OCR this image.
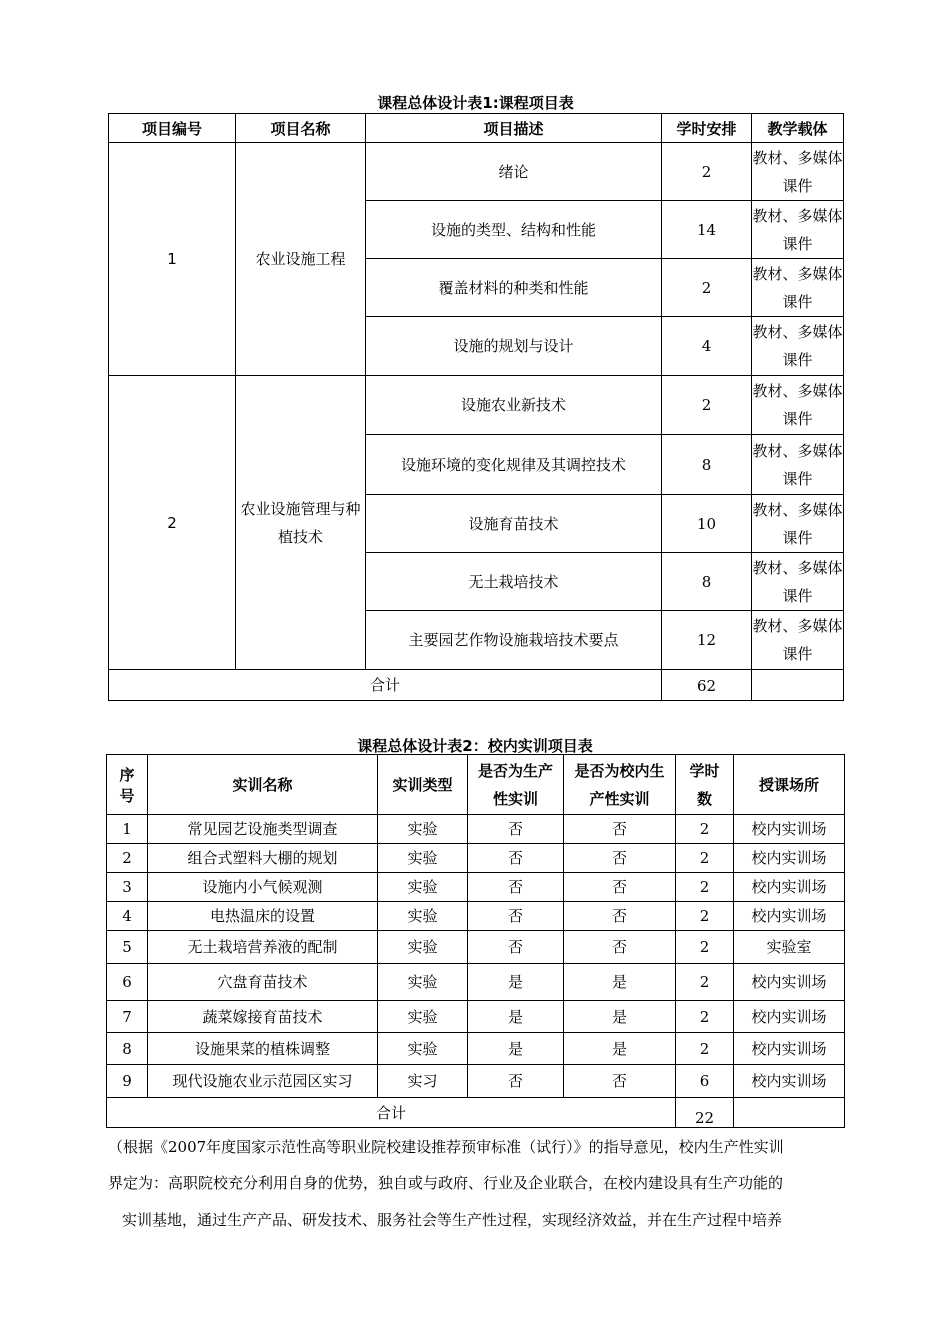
课程总体设计表1:课程项目表
项目编号	项目名称	项目描述	学时安排	教学载体
1	农业设施工程	绪论	2	教材、多媒体课件
		设施的类型、结构和性能	14	教材、多媒体课件
		覆盖材料的种类和性能	2	教材、多媒体课件
		设施的规划与设计	4	教材、多媒体课件
2	农业设施管理与种植技术	设施农业新技术	2	教材、多媒体课件
		设施环境的变化规律及其调控技术	8	教材、多媒体课件
		设施育苗技术	10	教材、多媒体课件
		无土栽培技术	8	教材、多媒体课件
		主要园艺作物设施栽培技术要点	12	教材、多媒体课件
合计			62	
课程总体设计表2：校内实训项目表
序号	实训名称	实训类型	是否为生产性实训	是否为校内生产性实训	学时数	授课场所
1	常见园艺设施类型调查	实验	否	否	2	校内实训场
2	组合式塑料大棚的规划	实验	否	否	2	校内实训场
3	设施内小气候观测	实验	否	否	2	校内实训场
4	电热温床的设置	实验	否	否	2	校内实训场
5	无土栽培营养液的配制	实验	否	否	2	实验室
6	穴盘育苗技术	实验	是	是	2	校内实训场
7	蔬菜嫁接育苗技术	实验	是	是	2	校内实训场
8	设施果菜的植株调整	实验	是	是	2	校内实训场
9	现代设施农业示范园区实习	实习	否	否	6	校内实训场
合计					22	
（根据《2007年度国家示范性高等职业院校建设推荐预审标准（试行）》的指导意见，校内生产性实训
界定为：高职院校充分利用自身的优势，独自或与政府、行业及企业联合，在校内建设具有生产功能的
实训基地，通过生产产品、研发技术、服务社会等生产性过程，实现经济效益，并在生产过程中培养
